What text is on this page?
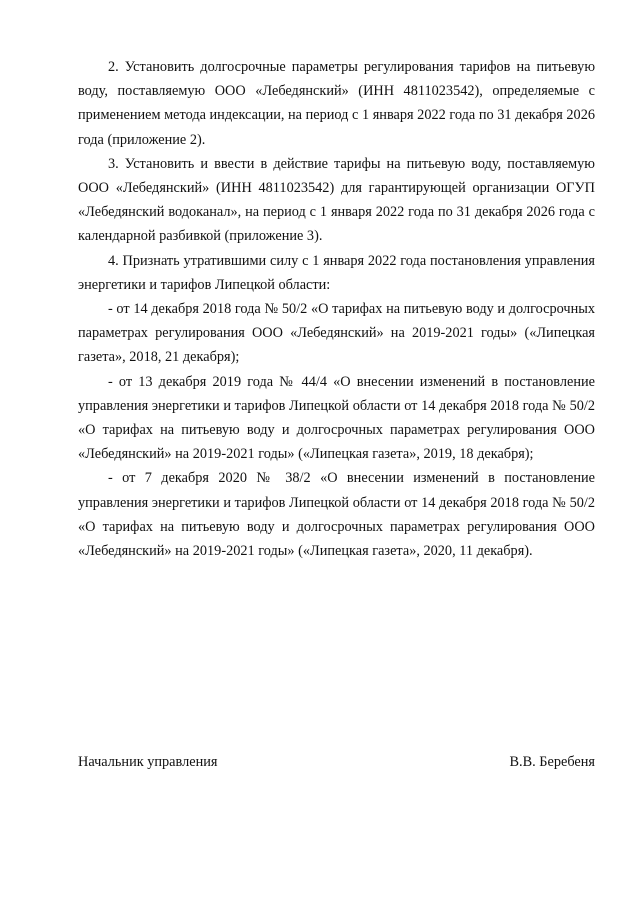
2. Установить долгосрочные параметры регулирования тарифов на питьевую воду, поставляемую ООО «Лебедянский» (ИНН 4811023542), определяемые с применением метода индексации, на период с 1 января 2022 года по 31 декабря 2026 года (приложение 2).

3. Установить и ввести в действие тарифы на питьевую воду, поставляемую ООО «Лебедянский» (ИНН 4811023542) для гарантирующей организации ОГУП «Лебедянский водоканал», на период с 1 января 2022 года по 31 декабря 2026 года с календарной разбивкой (приложение 3).

4. Признать утратившими силу с 1 января 2022 года постановления управления энергетики и тарифов Липецкой области:

- от 14 декабря 2018 года № 50/2 «О тарифах на питьевую воду и долгосрочных параметрах регулирования ООО «Лебедянский» на 2019-2021 годы» («Липецкая газета», 2018, 21 декабря);

- от 13 декабря 2019 года № 44/4 «О внесении изменений в постановление управления энергетики и тарифов Липецкой области от 14 декабря 2018 года № 50/2 «О тарифах на питьевую воду и долгосрочных параметрах регулирования ООО «Лебедянский» на 2019-2021 годы» («Липецкая газета», 2019, 18 декабря);

- от 7 декабря 2020 № 38/2 «О внесении изменений в постановление управления энергетики и тарифов Липецкой области от 14 декабря 2018 года № 50/2 «О тарифах на питьевую воду и долгосрочных параметрах регулирования ООО «Лебедянский» на 2019-2021 годы» («Липецкая газета», 2020, 11 декабря).

Начальник управления	В.В. Беребеня
